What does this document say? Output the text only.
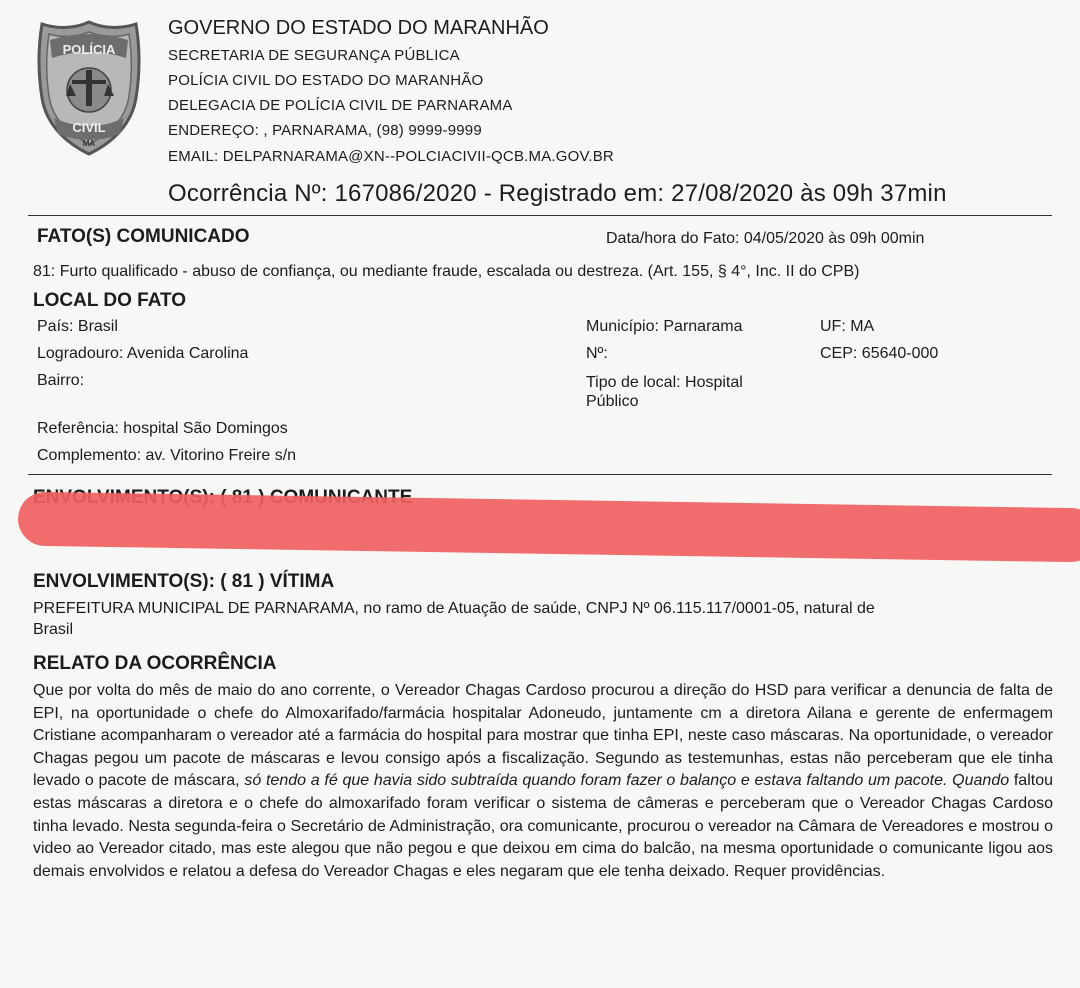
POLÍCIA
CIVIL
MA
GOVERNO DO ESTADO DO MARANHÃO
SECRETARIA DE SEGURANÇA PÚBLICA
POLÍCIA CIVIL DO ESTADO DO MARANHÃO
DELEGACIA DE POLÍCIA CIVIL DE PARNARAMA
ENDEREÇO: , PARNARAMA, (98) 9999-9999
EMAIL: DELPARNARAMA@XN--POLCIACIVII-QCB.MA.GOV.BR
Ocorrência Nº: 167086/2020 - Registrado em: 27/08/2020 às 09h 37min
FATO(S) COMUNICADO	Data/hora do Fato: 04/05/2020 às 09h 00min
81: Furto qualificado - abuso de confiança, ou mediante fraude, escalada ou destreza. (Art. 155, § 4°, Inc. II do CPB)
LOCAL DO FATO
País: Brasil	Município: Parnarama	UF: MA
Logradouro: Avenida Carolina	Nº:	CEP: 65640-000
Bairro:	Tipo de local: Hospital
Público
Referência: hospital São Domingos
Complemento: av. Vitorino Freire s/n
ENVOLVIMENTO(S): ( 81 ) VÍTIMA
PREFEITURA MUNICIPAL DE PARNARAMA, no ramo de Atuação de saúde, CNPJ Nº 06.115.117/0001-05, natural de
Brasil
RELATO DA OCORRÊNCIA
Que por volta do mês de maio do ano corrente, o Vereador Chagas Cardoso procurou a direção do HSD para verificar a denuncia de falta de EPI, na oportunidade o chefe do Almoxarifado/farmácia hospitalar Adoneudo, juntamente cm a diretora Ailana e gerente de enfermagem Cristiane acompanharam o vereador até a farmácia do hospital para mostrar que tinha EPI, neste caso máscaras. Na oportunidade, o vereador Chagas pegou um pacote de máscaras e levou consigo após a fiscalização. Segundo as testemunhas, estas não perceberam que ele tinha levado o pacote de máscara, só tendo a fé que havia sido subtraída quando foram fazer o balanço e estava faltando um pacote. Quando faltou estas máscaras a diretora e o chefe do almoxarifado foram verificar o sistema de câmeras e perceberam que o Vereador Chagas Cardoso tinha levado. Nesta segunda-feira o Secretário de Administração, ora comunicante, procurou o vereador na Câmara de Vereadores e mostrou o video ao Vereador citado, mas este alegou que não pegou e que deixou em cima do balcão, na mesma oportunidade o comunicante ligou aos demais envolvidos e relatou a defesa do Vereador Chagas e eles negaram que ele tenha deixado. Requer providências.
